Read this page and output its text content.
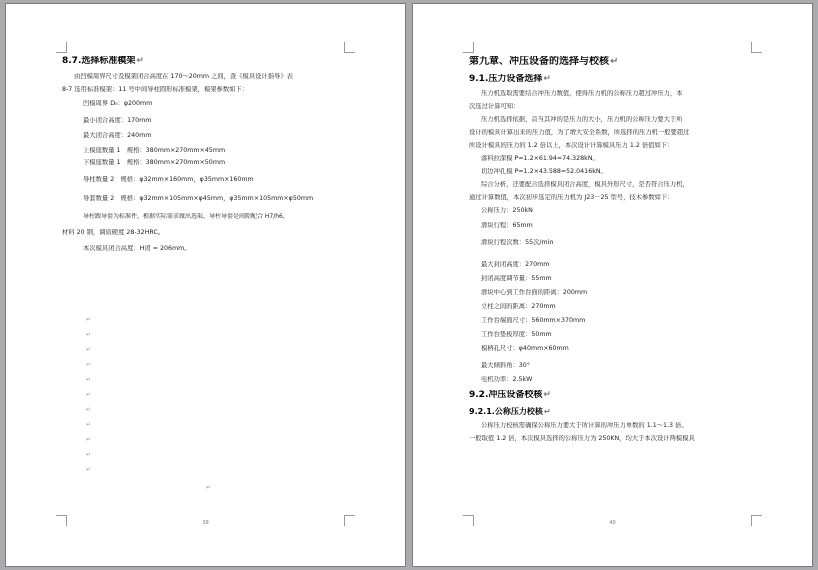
• 8.7.选择标准模架↵
由凹模周界尺寸及模架闭合高度在 170～20mm 之间，查《模具设计指导》表
8-7 选用标准模架：11 号中间导柱圆形标准模架，模架参数如下：
凹模周界 D₀：φ200mm
最小闭合高度：170mm
最大闭合高度：240mm
上模座数量 1　规格：380mm×270mm×45mm
下模座数量 1　规格：380mm×270mm×50mm
导柱数量 2　规格：φ32mm×160mm，φ35mm×160mm
导套数量 2　规格：φ32mm×105mm×φ45mm，φ35mm×105mm×φ50mm
导柱跟导套为标准件，根据实际需求做出选取，导柱导套是间隙配合 H7/h6，
材料 20 钢，调质硬度 28-32HRC。
本次模具闭合高度：H闭 = 206mm。
↵
↵
↵
↵
↵
↵
↵
↵
↵
↵
↵
↵
39
• 第九章、冲压设备的选择与校核↵
• 9.1.压力设备选择↵
压力机选取需要结合冲压力数值，使得压力机的公称压力超过冲压力，本
次选过计算可知：
压力机选择依据，首当其冲的是压力的大小，压力机的公称压力要大于所
设计的模具计算出来的压力值，为了增大安全系数，所选择的压力机一般要超过
所设计模具的压力的 1.2 倍以上，本次设计计算模具压力 1.2 倍值如下：
落料拉深模 P=1.2×61.94=74.328kN。
切边冲孔模 P=1.2×43.588=52.0416kN。
综合分析，还要配合选择模具闭合高度，模具外形尺寸，是否符合压力机，
通过计算数值，本次初步选定的压力机为 J23－25 型号，技术参数如下：
公称压力：250kN
滑块行程：65mm
滑块行程次数：55次/min
最大封闭高度：270mm
封闭高度调节量：55mm
滑块中心到工作台面的距离：200mm
立柱之间的距离：270mm
工作台端面尺寸：560mm×370mm
工作台垫板厚度：50mm
模柄孔尺寸：φ40mm×60mm
最大倾斜角：30°
电机功率：2.5kW
• 9.2.冲压设备校核↵
• 9.2.1.公称压力校核↵
公称压力校核需确保公称压力要大于所计算的冲压力单数的 1.1～1.3 倍。
一般取值 1.2 倍，本次模具选择的公称压力为 250KN，均大于本次设计两模模具
40
